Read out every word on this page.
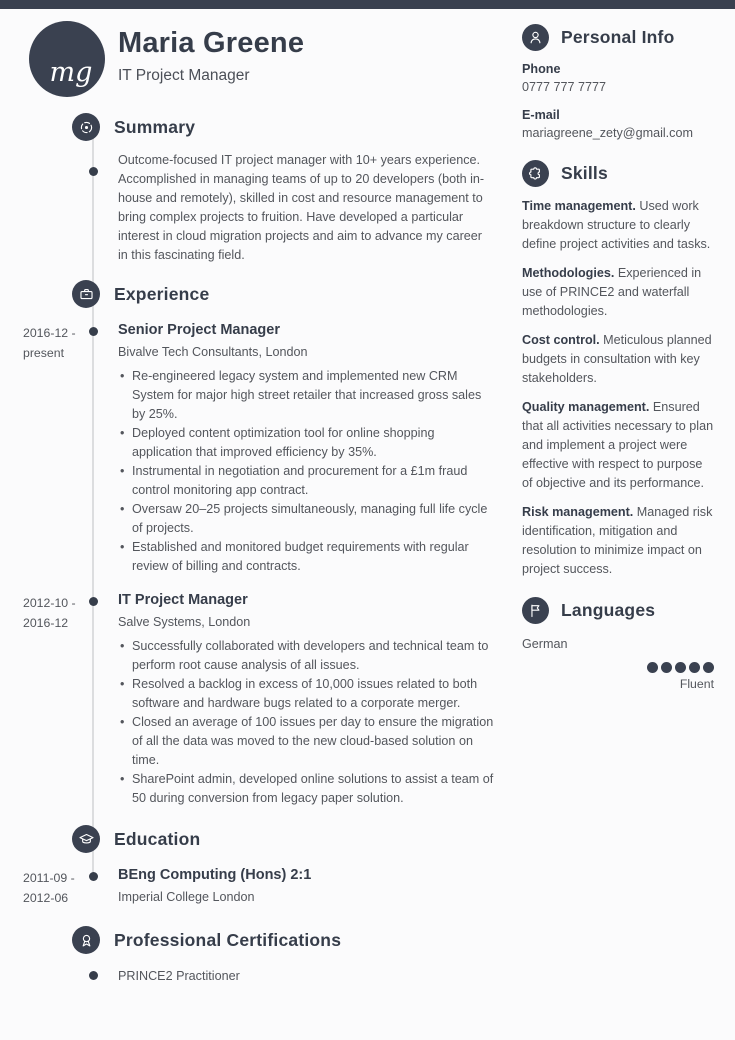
mg
Maria Greene
IT Project Manager
Summary

Outcome-focused IT project manager with 10+ years experience. Accomplished in managing teams of up to 20 developers (both in-house and remotely), skilled in cost and resource management to bring complex projects to fruition. Have developed a particular interest in cloud migration projects and aim to advance my career in this fascinating field.

Experience
2016-12 -
present
Senior Project Manager
Bivalve Tech Consultants, London
• Re-engineered legacy system and implemented new CRM System for major high street retailer that increased gross sales by 25%.
• Deployed content optimization tool for online shopping application that improved efficiency by 35%.
• Instrumental in negotiation and procurement for a £1m fraud control monitoring app contract.
• Oversaw 20–25 projects simultaneously, managing full life cycle of projects.
• Established and monitored budget requirements with regular review of billing and contracts.
2012-10 -
2016-12
IT Project Manager
Salve Systems, London
• Successfully collaborated with developers and technical team to perform root cause analysis of all issues.
• Resolved a backlog in excess of 10,000 issues related to both software and hardware bugs related to a corporate merger.
• Closed an average of 100 issues per day to ensure the migration of all the data was moved to the new cloud-based solution on time.
• SharePoint admin, developed online solutions to assist a team of 50 during conversion from legacy paper solution.
Education
2011-09 -
2012-06
BEng Computing (Hons) 2:1
Imperial College London
Professional Certifications
PRINCE2 Practitioner
Personal Info
Phone
0777 777 7777
E-mail
mariagreene_zety@gmail.com
Skills

Time management. Used work breakdown structure to clearly define project activities and tasks.

Methodologies. Experienced in use of PRINCE2 and waterfall methodologies.

Cost control. Meticulous planned budgets in consultation with key stakeholders.

Quality management. Ensured that all activities necessary to plan and implement a project were effective with respect to purpose of objective and its performance.

Risk management. Managed risk identification, mitigation and resolution to minimize impact on project success.

Languages
German
Fluent
